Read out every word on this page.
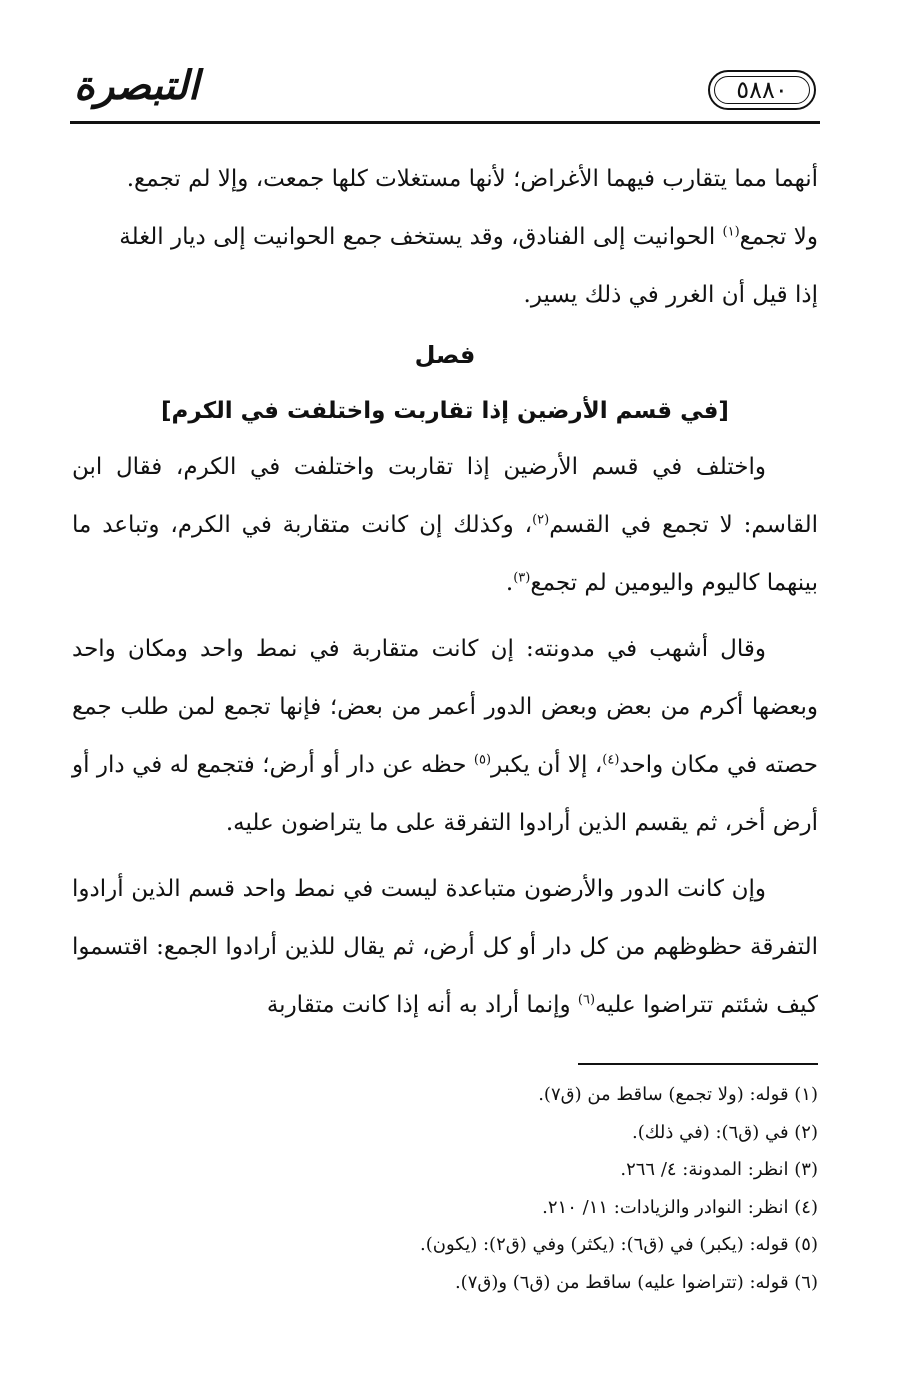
التبصرة	٥٨٨٠

أنهما مما يتقارب فيهما الأغراض؛ لأنها مستغلات كلها جمعت، وإلا لم تجمع.

ولا تجمع$^{(١)}$ الحوانيت إلى الفنادق، وقد يستخف جمع الحوانيت إلى ديار الغلة

إذا قيل أن الغرر في ذلك يسير.

فصل

[في قسم الأرضين إذا تقاربت واختلفت في الكرم]

واختلف في قسم الأرضين إذا تقاربت واختلفت في الكرم، فقال ابن القاسم: لا تجمع في القسم$^{(٢)}$، وكذلك إن كانت متقاربة في الكرم، وتباعد ما بينهما كاليوم واليومين لم تجمع$^{(٣)}$.

وقال أشهب في مدونته: إن كانت متقاربة في نمط واحد ومكان واحد وبعضها أكرم من بعض وبعض الدور أعمر من بعض؛ فإنها تجمع لمن طلب جمع حصته في مكان واحد$^{(٤)}$، إلا أن يكبر$^{(٥)}$ حظه عن دار أو أرض؛ فتجمع له في دار أو أرض أخر، ثم يقسم الذين أرادوا التفرقة على ما يتراضون عليه.

وإن كانت الدور والأرضون متباعدة ليست في نمط واحد قسم الذين أرادوا التفرقة حظوظهم من كل دار أو كل أرض، ثم يقال للذين أرادوا الجمع: اقتسموا كيف شئتم تتراضوا عليه$^{(٦)}$ وإنما أراد به أنه إذا كانت متقاربة

(١) قوله: (ولا تجمع) ساقط من (ق٧).
(٢) في (ق٦): (في ذلك).
(٣) انظر: المدونة: ٤/ ٢٦٦.
(٤) انظر: النوادر والزيادات: ١١/ ٢١٠.
(٥) قوله: (يكبر) في (ق٦): (يكثر) وفي (ق٢): (يكون).
(٦) قوله: (تتراضوا عليه) ساقط من (ق٦) و(ق٧).
